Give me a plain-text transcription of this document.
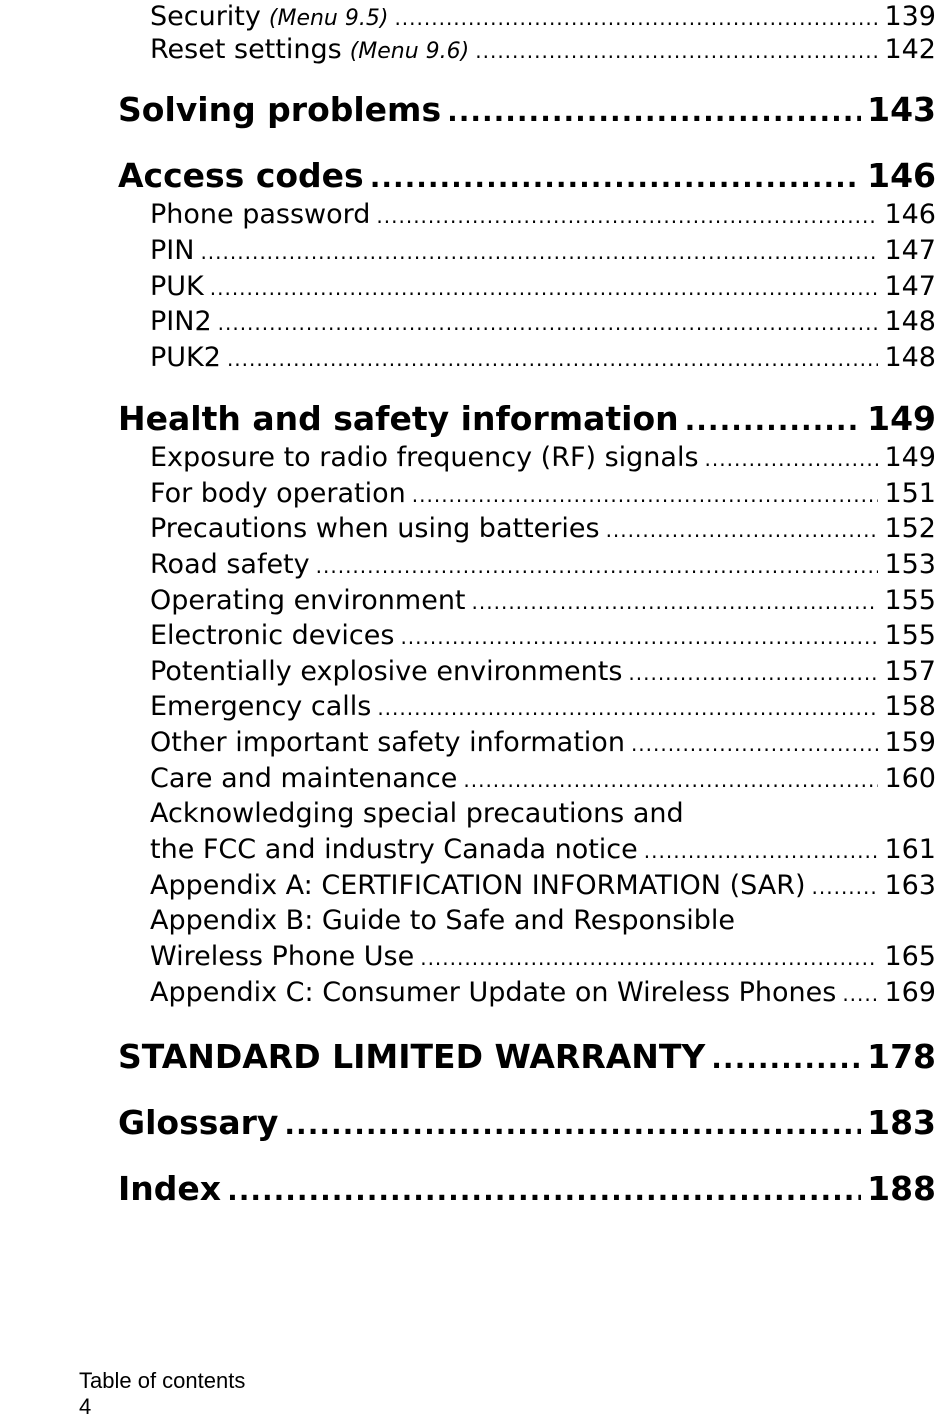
Security (Menu 9.5) .....	139
Reset settings (Menu 9.6) .....	142
Solving problems .....	143
Access codes .....	146
Phone password .....	146
PIN .....	147
PUK .....	147
PIN2 .....	148
PUK2 .....	148
Health and safety information .....	149
Exposure to radio frequency (RF) signals .....	149
For body operation .....	151
Precautions when using batteries .....	152
Road safety .....	153
Operating environment .....	155
Electronic devices .....	155
Potentially explosive environments .....	157
Emergency calls .....	158
Other important safety information .....	159
Care and maintenance .....	160
Acknowledging special precautions and
the FCC and industry Canada notice .....	161
Appendix A: CERTIFICATION INFORMATION (SAR) .....	163
Appendix B: Guide to Safe and Responsible
Wireless Phone Use .....	165
Appendix C: Consumer Update on Wireless Phones ..... 169
STANDARD LIMITED WARRANTY .....	178
Glossary .....	183
Index .....	188
Table of contents
4
